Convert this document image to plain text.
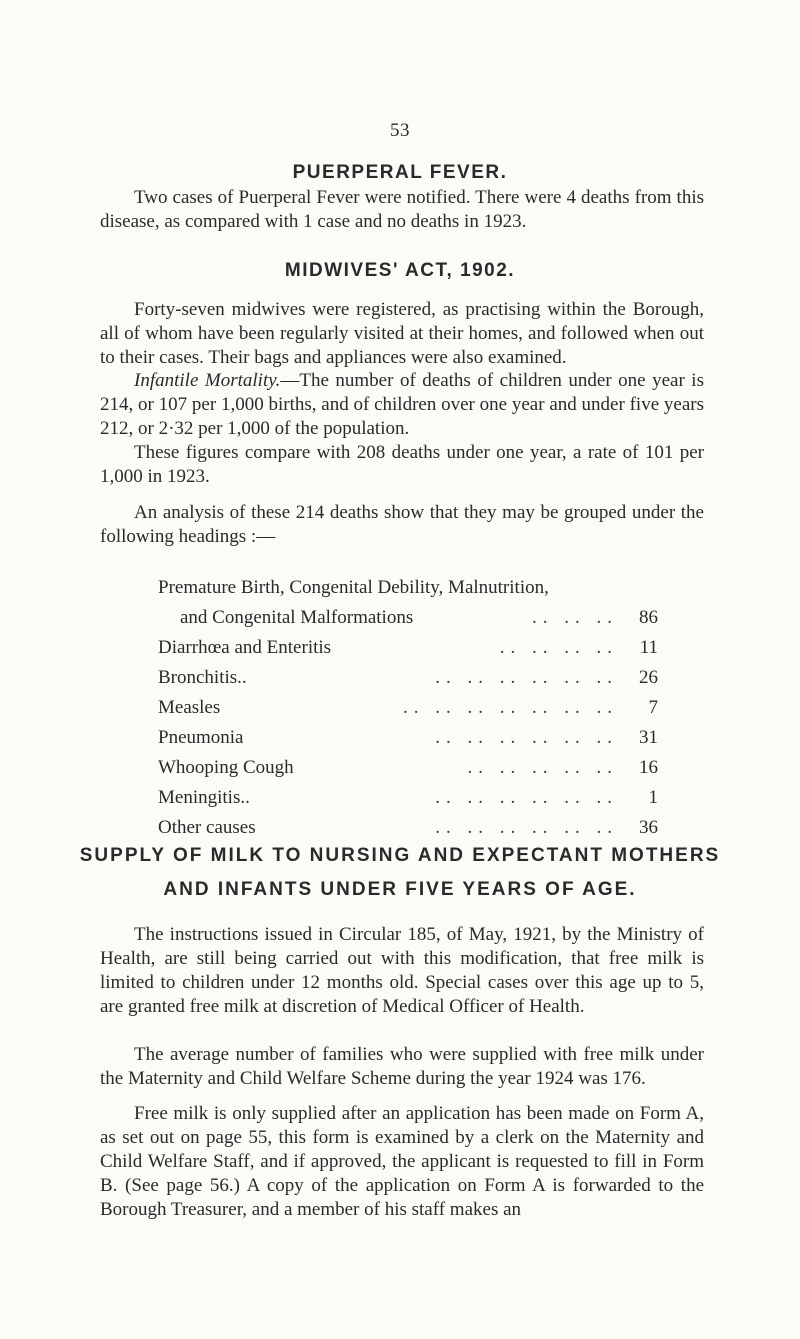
53
PUERPERAL FEVER.

Two cases of Puerperal Fever were notified. There were 4 deaths from this disease, as compared with 1 case and no deaths in 1923.

MIDWIVES' ACT, 1902.

Forty-seven midwives were registered, as practising within the Borough, all of whom have been regularly visited at their homes, and followed when out to their cases. Their bags and appliances were also examined.

Infantile Mortality.—The number of deaths of children under one year is 214, or 107 per 1,000 births, and of children over one year and under five years 212, or 2·32 per 1,000 of the population.

These figures compare with 208 deaths under one year, a rate of 101 per 1,000 in 1923.

An analysis of these 214 deaths show that they may be grouped under the following headings :—

Premature Birth, Congenital Debility, Malnutrition,
and Congenital Malformations	.. .. ..	86
Diarrhœa and Enteritis	.. .. .. ..	11
Bronchitis..	.. .. .. .. .. ..	26
Measles	.. .. .. .. .. .. ..	7
Pneumonia	.. .. .. .. .. ..	31
Whooping Cough	.. .. .. .. ..	16
Meningitis..	.. .. .. .. .. ..	1
Other causes	.. .. .. .. .. ..	36
SUPPLY OF MILK TO NURSING AND EXPECTANT MOTHERS
AND INFANTS UNDER FIVE YEARS OF AGE.

The instructions issued in Circular 185, of May, 1921, by the Ministry of Health, are still being carried out with this modification, that free milk is limited to children under 12 months old. Special cases over this age up to 5, are granted free milk at discretion of Medical Officer of Health.

The average number of families who were supplied with free milk under the Maternity and Child Welfare Scheme during the year 1924 was 176.

Free milk is only supplied after an application has been made on Form A, as set out on page 55, this form is examined by a clerk on the Maternity and Child Welfare Staff, and if approved, the applicant is requested to fill in Form B. (See page 56.) A copy of the application on Form A is forwarded to the Borough Treasurer, and a member of his staff makes an
